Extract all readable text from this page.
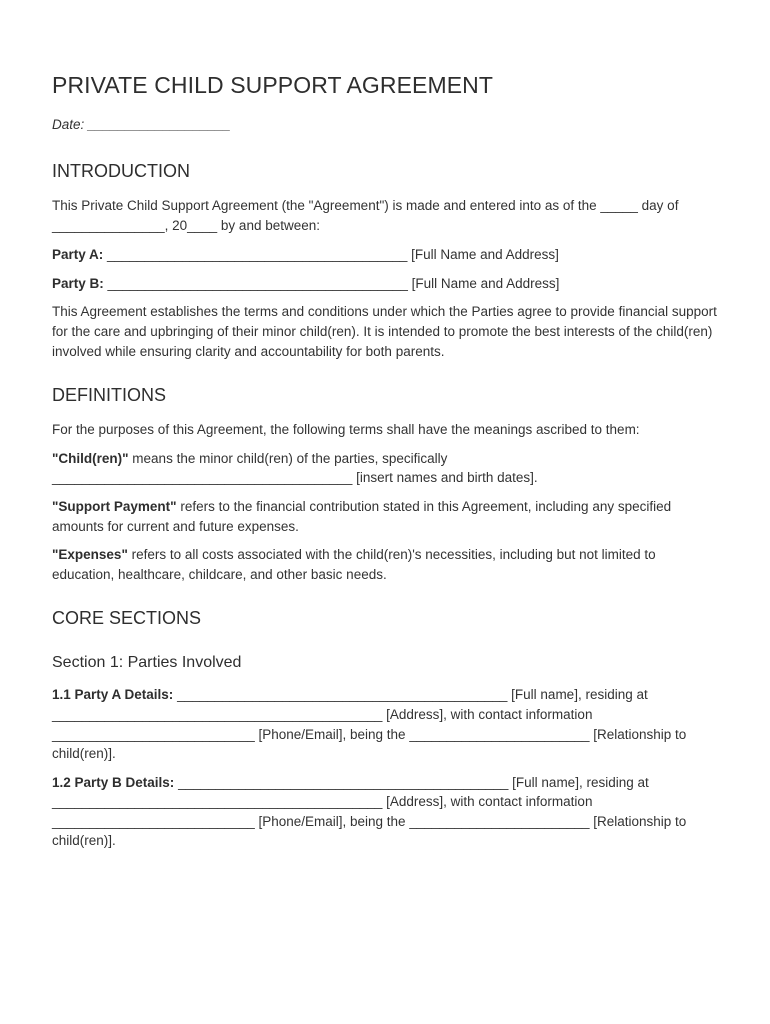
PRIVATE CHILD SUPPORT AGREEMENT
Date: ___________________
INTRODUCTION

This Private Child Support Agreement (the "Agreement") is made and entered into as of the _____ day of _______________, 20____ by and between:

Party A: ________________________________________ [Full Name and Address]

Party B: ________________________________________ [Full Name and Address]

This Agreement establishes the terms and conditions under which the Parties agree to provide financial support for the care and upbringing of their minor child(ren). It is intended to promote the best interests of the child(ren) involved while ensuring clarity and accountability for both parents.

DEFINITIONS

For the purposes of this Agreement, the following terms shall have the meanings ascribed to them:

"Child(ren)" means the minor child(ren) of the parties, specifically ________________________________________ [insert names and birth dates].

"Support Payment" refers to the financial contribution stated in this Agreement, including any specified amounts for current and future expenses.

"Expenses" refers to all costs associated with the child(ren)'s necessities, including but not limited to education, healthcare, childcare, and other basic needs.

CORE SECTIONS
Section 1: Parties Involved

1.1 Party A Details: ____________________________________________ [Full name], residing at ____________________________________________ [Address], with contact information ___________________________ [Phone/Email], being the ________________________ [Relationship to child(ren)].

1.2 Party B Details: ____________________________________________ [Full name], residing at ____________________________________________ [Address], with contact information ___________________________ [Phone/Email], being the ________________________ [Relationship to child(ren)].
